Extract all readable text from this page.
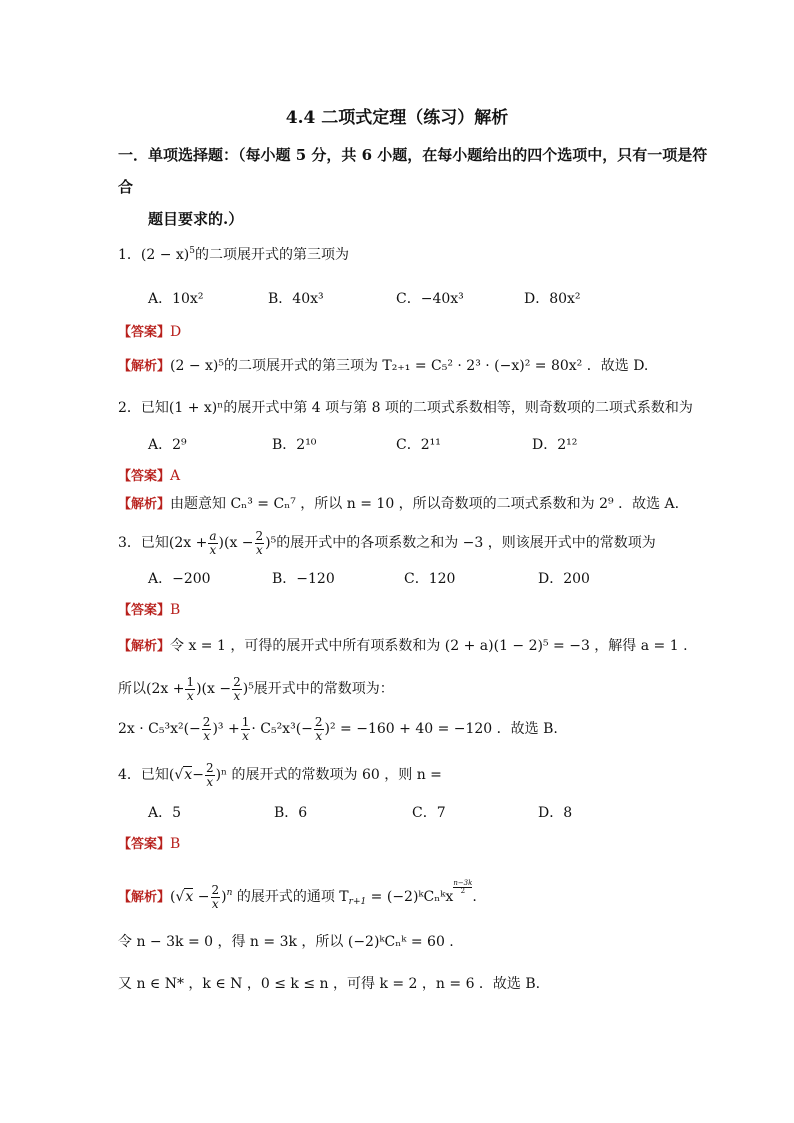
4.4 二项式定理（练习）解析
一．单项选择题：（每小题 5 分，共 6 小题，在每小题给出的四个选项中，只有一项是符
合
题目要求的.）
1．$(2 - x)^5$的二项展开式的第三项为
A．10x²	B．40x³	C．−40x³	D．80x²
【答案】D
【解析】(2 − x)⁵的二项展开式的第三项为 T₂₊₁ = C₅² · 2³ · (−x)² = 80x² ．故选 D.
2．已知(1 + x)ⁿ的展开式中第 4 项与第 8 项的二项式系数相等，则奇数项的二项式系数和为
A．2⁹	B．2¹⁰	C．2¹¹	D．2¹²
【答案】A
【解析】由题意知 Cₙ³ = Cₙ⁷ ，所以 n = 10 ，所以奇数项的二项式系数和为 2⁹ ．故选 A.
3．已知$(2x + \frac{a}{x} )(x - \frac{2}{x} )^5$的展开式中的各项系数之和为 −3 ，则该展开式中的常数项为
A．−200	B．−120	C．120	D．200
【答案】B
【解析】令 x = 1 ，可得的展开式中所有项系数和为 (2 + a)(1 − 2)⁵ = −3 ，解得 a = 1 .
所以$(2x + \frac{1}{x} )(x - \frac{2}{x} )^5$展开式中的常数项为：
$2x \cdot C_5^3x^2(- \frac{2}{x} )^3 + \frac{1}{x} \cdot C_5^2x^3(- \frac{2}{x} )^2 = -160 + 40 = -120$ ．故选 B.
4．已知$(√x- \frac{2}{x} )^n$ 的展开式的常数项为 60 ，则 n =
A．5	B．6	C．7	D．8
【答案】B
【解析】$(√x - \frac{2}{x} )^n$ 的展开式的通项 $T_{r+1}$ = (−2)ᵏCₙᵏx
$\frac{n-3k}{2}$
.
令 n − 3k = 0 ，得 n = 3k ，所以 (−2)ᵏCₙᵏ = 60 .
又 n ∈ N* ，k ∈ N ，0 ≤ k ≤ n ，可得 k = 2 ，n = 6 ．故选 B.
